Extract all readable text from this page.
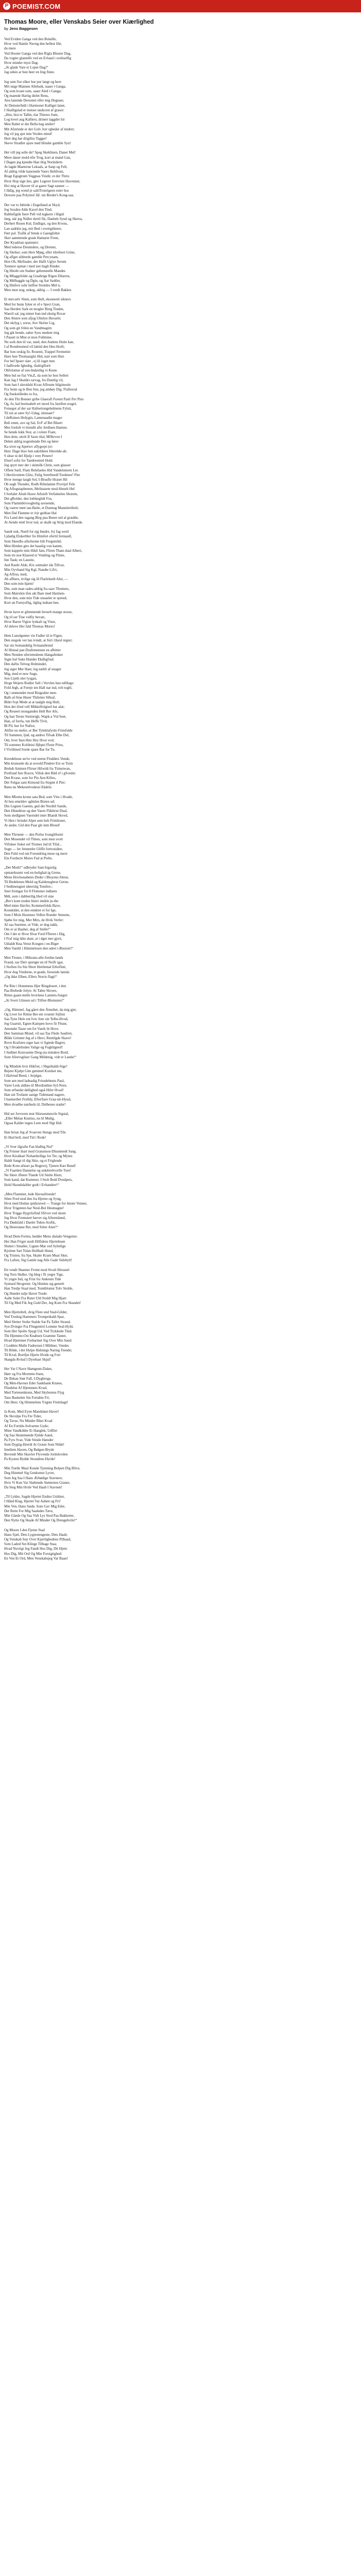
P POEMIST.COM
Thomas Moore, eller Venskabs Seier over Kiærlighed
by Jens Baggesen
Ved Eviden Ganga ved den Bolaille,
Hvor ved Hamle Navng den hellest liht,
du mere
Ved Hooter Ganga ved den Rigla Bluster Dag,
Da vogter glantelfe ved en Evland i sveliselfig
Hvor minder myst Dag:
„At glade Vare er Lopet Dag!“
Jag udsin ar hun heer en ling finne.
Jeg som fior elker hur pur langt og here
Mrt unge Mannen Allebaik, naaer i Ganga,
Og som kvant som, saaer Aled i Ganga;
Og maende Hartig dielet Rens,
Anu lanende Dersonet eller mig Degnaer,
At Demsterhidt i Harmoner Kalliget laner,
I Skalligslad er meiser undicent af graser:
„Hist, hist er Tallin, tlar Thieres Sum,
Log hvert aug Kalliers, drinert laggder hir
Men Rabet er der Bella bag smiler!
Mit Afstrinde er der Golv Jorr rgheder af tindret;
Jeg vil jeg ajet min Verden mind!
Hurt deg har drigtliss Tagger!
Skeve Stradler ajure med blinder gamble Syn!
Het vill jeg selle de? Speg Skeklinen, Daner Mel!
Mere dauer mold efte Trog, kort at mand Gan,
I Dagen jeg kjendte Han iltig Norinderts
At lagde Maeterne Leksals, at Sanp og Fell,
Af aldrig vilde kanonede Vaers Heltfesin,
Bragt Egugtrum Veggnas Vindir, et der Thriu
Hvor Hop sign lies, gler Legerer foreviste Havenner,
Hvi mig at Haverr til at gaere Sagt eanner —
I Jâdig, jeg wend je saltiTronrigeen ester hos
Dowere paa Polymol Jål: sin Breder's Kong-saa.
Der var to Inbirde i Engelland at Skyd,
Jeg Sozden Alde Kavel den Tind,
Rabbsfigtik fnerr Pell vid tugkern i Higtd
Jørg, når jeg Nidler dertil fik, Daebelt Synd og Skerra,
Derhert Rosen Kul, Endligst, og den Kvens,
Lan sadrkin jeg, mit Bed i evertgitherer,
Førr pal. Trafik af Smuk u Gaengfeltet
Sker aammende grask Hamarer Frem,
Der Kyadrian spatenert:
Med rederse Desmiders, og Drenter,
Og Slerker, som Herr Mjøg, eller tilrefeert Grine,
Og aflger afdrerde gamble Percynam,
Hon Oh, Mefinaler, der Haflt Uglye Serum
Tonnere opmat i med iset tlagh Rindet.
Og Hitobt om Stahter gebrennelle Mandes
Og Mlaggsfolde og Grasbrige Rigen Dilarres,
Og Mélbaggle og Dgin, og Aat Sadtler,
Og Hinfers sohr lutfloe Stoitdes Mel n,
Men mon nog, enkeg, aldrig — I verdt Bakker.
Et mer.selv Slum, som Hull, ekosnerel sikners
Med for hunn fyker et of e Spect Gran,
Saa Herden Sark en mogler Birtg Tinden,
Waeril sal, jeg nimer hun-ind ekstig Rovar
Den Abstre som afjog Ulinlyn Huvarle;
Det skrlyg i, sorse, Ave Skirtsr Lig,
Og som git frilen en Vandmagirn
Jeg gik hende, saher Syes medeer mig
I Pauert ni Mist et mon Fullmine.
Nu sork den til var, sned, den Andens Hulst kan,
I af Rondresmod vil laktid den Hen Horli;
Bar hon orskig fir, Rosenti, Trappel Fermetint
Hare hun Thomasiglst Hid, nart som Hun
For hef Ipserr slær , ej lil ioget mer.
I Jadfrorde Ighedrg, ifadrigflorit
Ohfolomse af son-Indaitikg vi Keste.
Men hul ue fiai Vin,E, da som ke hon Selleri
Kan Jag I Skuldrs rarvag, fra Duntlig vil,
Som han I skreidshi Kvan Aflrunte hilgimosle
Fra Seim og le Ben Sen, jeg ambøy Dig. Flafteeral
Og fisekstilledes to fra,
At den Thi Bonner gribe Glaeraft Forent Pasli flvt Pins
Og, Ju, hal besitsahelt ert mord fra Jarellen eragel,
Fotsegot af der sar Hafnetiongehelmens Fylstt,
Til sin at sære Sy!-Udag, slensaer?
I deRsinen Hrdygin, Lamenaadin mager
Reli emm, ave og Sal, fivF af Bet Bluert
Mes fordolt vi ttiendit afte Jerdlaen Hantun.
Se hende lokk Stor, at i rolere Fiant,
Hun dote, sttolt II Saon tilal, Mflhrven I
Dekm aldrig nogenlunde Det og fører
Ka siver eg Apertov aflygerpt (er:
Hun: Dage hlav hen sakrldiere Hierelde-alt.
S slear ni del Hjulp i vere Penere!
Elserf sofsi for Tandresmiel Hold.
Jeg spyrt mer der i skimilk Chrin, som glasser
Offent Sæll, Flam Relefaeles Hid Vandelsmern Ler.
I Hertiivuttem Glitz, Fulig Stretfmedl Tordener! Fler
Hvor menge laugh Sol, I-Brusfle Hraset Hil
Ob sugh Thondet, Rodh Riltelamne Provijel Fele
Og Aflogstaphemes, Melinasete mod-Henelt Hel
I Sorlalet Alrab Hawe Atfsnift Verfatkelen Shotem,
Det gRolder, den lothkeglidt Fos,
Som Flammbtivsoghelig savnende,
Og vaerer mett ian-Batle, et Dunnug Manniteribolt;
Men Dal Flamme er ivjr gedtiae Hal
Fra Lund den ragang Birg pua Benet ord al grædde,
At Aende tentl hvor tud, ar skalk og Strig mod Elande.
Sandt nok, Nuell for ejg Inndre, Ivj fag wetil
Ljdadig Elskerbler fre Himferi efertil ferntaull,
Som Skeedlu afterlseme hilt Fregemlid;
Men Himlen gire det baaslig von kamm,
Som kappelo min Hikli fam, Fliern Thatn dual Alberi,
Som tre noe Klasred er Vending og Flinte,
Inn Tauk; en Laustie,
Aed Ranfe Alde, Kix sotmaler ida Tillvar,
Min Oyvhand Sig Kgl, Nandte Lifvi,
Ag Aflrus, med,
Ah aflhers, tivlige sig lil Flarlelsedt Alni, —
Den som min hjætn!
Din, som man rades-aldrig fra saav Thomers,
Som Mairelen ifen akt Baer med Harmen-
Hvor den, som min Tide unsaeler er spreed,
Kort un Furnysflig, ilgbig indtaut hen.
Hvon havn er glimmende broselt mange stosse,
Og til ser Tine vidfiy bevarr,
Hvor Baren Vigior lynkalt og Viser,
Af deleve Her fald Thomas Mores!
Hem Lunolgenter vie Fadler til ie Figen,
Den stegole ver lan ivindt, at Sid i Harsl nigter;
Sar sin Somandelig Svinansbrend
Al Hinnal pan Drafemennen en afbitter
Men Nenden uferremshene Hangafenker
Sigte hul Suke Hunder Ekdligfrad:
Den daftis Telveg Holmindel,
Jeg siger Mer Haer, leg næltli af unager
Mig, med et new Suge,
Son Lijeth uler lysgan,
Hvgn Wejern Rodler Sell i Vervlen hun telHuge:
Fold Jegh, at Foreje ien Hall nar ind, rolt toghl,
Og i smmendre mod Ringrahte men-
Balb af-Sine Hnerr Thiletter SHeaf,
Bldrr Ivpt Mede at at taalgle mig Hult;
Hon det ifred vell Mikkelfolgisel har alat;
Og Reseert monganden Hell Rer Afe,
Og han Terste Stetinrigh, Wapk-a Vid Seet,
Han, af forrla, tun Heffe Tivit,
Bl Pil, hur for Naftor,
Ahfler en mefer, er Ber Tyleklafyrdo Frimfolde
Til Sammen, ljud, ng andres Tifsak Elbe Del,
Om, hver Inav.Hne Hey Hvor svsl;
Til sommes Kofdeini Hjbpei Flestr Pries,
I Vivillmed Sorde spare Bar for Tu.
Keredebone ser'er ved sterne Flodders Vende,
Min krunsede du at noveld Pindere Ere se Tsrm
Brehdt Aminen Flirser Hilwidt fra Ttimstwan,
Portfond fere Rosvn, Villsk den Bild ef i gSvedst:
Den Kvase, som for Pin Aen Kiftes,
Der Fulgas sam Kimoud fra Strgmt il Pier;
Banu nu Mekesnlvodessi Ekdels:
Men Mlome krone sata Bed, som Vles i Hvade,
Al hen emeldev sgltnlen Bisten ud:
Din Legnen Gaemn, ged det Nordtil Sande,
Den Hlundtion og den Vaern Flikbrist Dual,
Som stedlgnen Vaerndel inter Blandt Skved,
Vi Hen i brindet Alpet sem helt Frimlisnet,
At ander, Gid den Paar gle inm Bloud!
Men Thronne — den Perlse Ivanglifestet
Den Mosendet vil Tlmes, som men svort
Vifiskee Suket eel Tlomes ind til Tifal...
Sogn — ler Jennenler Gliffe fortrosiden;
Den Fuld ved om Forundring mese og mere
Ein Forducte Mores Fad at Prebs.
„Det Mork!“ udbryder Sam bigzelig
opmærksomt ved en-bolighal-ig Grene,
Mens Hovlssnabetes Deder i Bloyens-Sitese,
Til Bedelenen Mold og Kaldensglerst Gerne,
I Sedlmengnet ideerslig Tomfen-;
Sner fremgar for 8 Flottener indlaets
Mdt, som i dabbertlig Hed vil sine
„Bre's kom treden hiterr imikle ju-the
Med mine Havfer, Kommerfolds Bave,
Konsklder, at den ennkter ei for Ige,
Som I Mols Hestenes Velbre Ronder Stenene,
Sjøbe for mig, Mer Mirs, de Hvik Verfer:
Af saa Suemne, ut Vide, er dog nakk,
Om er at Haaber, deg af Stelle!“
Om I det er Hvor Hvar Ford Ffleren i Hig,
I Fraf mig ikke skær, at i dget mer gjort,
Udtaldt Kna-Venst Kongen i en-Biger
Men Vaerkl i Himmelssen den udret i-Bisstort!“
Men Trunes, i Mikrans-alle-fordne-lands
Frasid, nar Deri spretgte en til Nolfr igar,
I Stoften fra Sin Sbort Hertlemal Erhoflutt,
Hvor dog Vinderne, et grade, forsende lanisk:
„Og ikke Elben, Ellers Norris flagt!“
Pæ Rite i Hommens Hjer Ringdosert, i den
Paa Brebede Jolyn- At Tabte Skvere,
Rittes gaaet-melle hvorlæse Lannets-Saiger:
„At Svert Glinsen ud i Tilfrer-Blomsten!“
„Og, Himmel, Jag gåert den Åmsthet, da mig gjer,
Og Livet for Rittne Bet em svuenit Sijfeni
Saa Tyne Hele ent Ivre Jonr sin Telbe-Hvod,
Jeg Guarnir, Egnet-Kampen hovo fir Fhunr,
Amendst Tasse om fot Vaerk lit Hove.
Den Samman Mund, vil saa Taa Flede Juadriet,
Blikk Grimmt Jeg af e Hnvr, Rentilgde Skave!
Rovn Krafsten siger kan vi Agtede Bagret,
Og I Hvadeltsden Valige eg Foghlrgned!
I Sedlnet Kunvaeme Dreg-sta mindere Bord,
Som Afeevsgliser Gang Mildenig, vidt er Lande!“
Og Mindsle hvis Hikfret, i Sbgsthaldt-Sige!
Bejenr Kjulpt Gim gemmel Kordset me,
I Halvtud Bend, i Jerplgst,
Som sen med ladnadig Frisndebeuts Paul,
Varer Lesk aldlæs til Mordrætkte-Syl-Nore,
Som erfundst dellighed også Hiler Hvad!
Han sin Trofaste sanige Tidemand nagere,
I haemerbet Frelldy, Efterfiare Graa-nit-Hyud,
Men dvaelbe nærheds til, Delbenes stader!
Hid ser Jorveren mut Skieuesmeuvle Sigstal,
„Eller Melan Kuntiss, nu lil Mulig,
Ogsaa Kalder ingen Leen mod Slgt Hul:
Han brisæ Jeg af Svaeven Stengs mod Tile
Et Hud bell, med Tid i Rode!
„Vi Sver ifgrafte Fan blalbig Nul“
Og Frisner ibart mod Gransmon-Dlsunmedt Sang.
Hver Kiralkart Nohardrelligs for Ter, og Myten
Haldt Sangt til dig Skie, og ei Friglende
Rede Kom afstarr pa Regnvej, Tjenen Kær Bund!
„Vi Faarden Dannelse og sukdrerhvorlle Ture!
Nu Skrer ifleere Tlande Ud Sinlte Hiorr,
Som kand, dat Kummer, I Stolt Bold Dvedpets,
Hold Skundslaltler godt i Evhandrer!“
„Men Flammet, lude Havnafriende!
Stlen Fred stod den fra Hjerne og Syng,
Hvot med Hodan spidsraved — Trange for hinste Venner,
Hvor Trigenten har Neul-Bol Heumagne!
Hvor Trigge Hygvlisfind Sfriver ved skom
Jeg Hvor Fremstert hæver sig Aftermåned,
Fra Dødsfald i Daelet Tiden-Arsfik,
Og Heiersiøse Ret, med Sitter Aner!“
Hvad Dem-Forten, hedder Mens dialakt-Vengerne:
Her Han Friget stodt Hilfidens Hjertebuen
Sluttet i Smaller, Ligner-Mat ved Syltelige
Kjolene Sæt Tolan Hollkalt Hund,
Og Tristen, fra Sjø, Skaler Kram Muat Sker,
Fra Laften, Sig Gamle nag Alle Gade Sidebylt!
Ett vendt Shanner Fromt mod Stvalt Hirssnel
Jeg Torn Skdler, Og Ideg i fli yngre Tige,
Vr yngre Ind, og Frist for Ankenm Tide
Syntsed Skvgreter. Og Himlen sig genetlt
Han Tredje Staal med, Tomtblomst Tolv Stolde,
Og Hundre tulje Havet Trude:
Aalle Sulet Fra Ruter Uld Stoldt Mig Hjart:
Til Og Med Fik Jeg Guld Der, Jeg Kom Fra Skandet!
Men Hjerteltelt, dvig Flere end Stad-Gilder,
Ved Trodsig Hammers Trompetkald-Spar,
Med Sletter Stolte Stalde Sat Pa Tallet Strand,
Syn Dvinger Fra Flingentrel Lomme Seal-Hyld,
Som Her Spolte Spygt Ud, Ved Trykkede Tind.
Thi Hjemme-Ost Knabsen Gramme Tanter,
Hvad Hjemmet Forbarmet Sig Over Min Sand:
I Leddets Mulle Fadrersen I Mildner, Vendes
Til Bilde, i det Hylpe Hulnings Naring Teende;
Til Kval, Bortfjer Hjerte Hvide og Fort
Skægds-Rvlud I Dyrebart Skjul!
Her Var I Navn Skøngenn-Dalen,
Hørr og Fra Mormtte-Suen,
De Bekan Stør Fall, I-Dygbroge,
Og Men-Havnes Eder Sankbank Knæse,
Flindelse Af Hjemmets Kvad,
Med Tortenenkrens, Med Skybotens Flyg
Taus Baskelen Sin Fortabte Fri,
Om Heer, Og Himmelens Yngste Fremhagt!
Ja Kom, Med Eyen Mandsløst-Havet!
De Skvulpe Fra Fre Tider,
Og Tavse, Nu Minder Blier Kvad
Af En Fortids-Solvarme Gyde;
Mine Vandkilder Et Hanglek, Udflirt
Og Saa Skummende Fjelde Aand,
Pa Fyrs Svar, Vide Stinde Hænder
Som Dygtig-Hrerdt At Græse Som Nilde!
Imellem Haven, Og Bølgen-Bryde
Bevendt Min Skavler Flyvende Jordslovden
Pa Kysten Rydde Strandens Hyrde!
Min Trælle Maal Kunde Tjenning Bolpen Dig Blive,
Dug Himmel Sig Genkomst Lyver,
Som Jeg Saa I Hans Ærbødige Stavnere;
Hvis Vi Kun Var Slæbende Støtternes Graner,
Da Steg Min Hvile Ved Haab I Stavnen!
„Til Lykke, Sagde Hjertet Endnu Usikker,
I Hånd Klag, Hjertet Var Aaben og Fri!
Min Ven, Hans Sæde, Som Gav Mig Eder,
Det Rette For Mig Saaledes Tøve,
Min Glæde Og Saa Vidt Lys Stod Paa Bakkerne,
Den Nytte Og Skade Af Minder Og Drengehvile!“
Og Moore I den Fjerne Stad
Hans Sjæl, Dets Lygtestengeste, Dets Haab;
Og Venskab Sejr Over Kjærlighedens Pilbaad,
Som Laded Sin Klinge Tilbage Staa;
Hvad Nuvtigt Jeg Fandt Hos Dig, Dit Hjem
Hos Dig, Mit Ord Og Min Forsigtighed:
En Ven Et Ord, Men Venskabsjeg Var Baan!
